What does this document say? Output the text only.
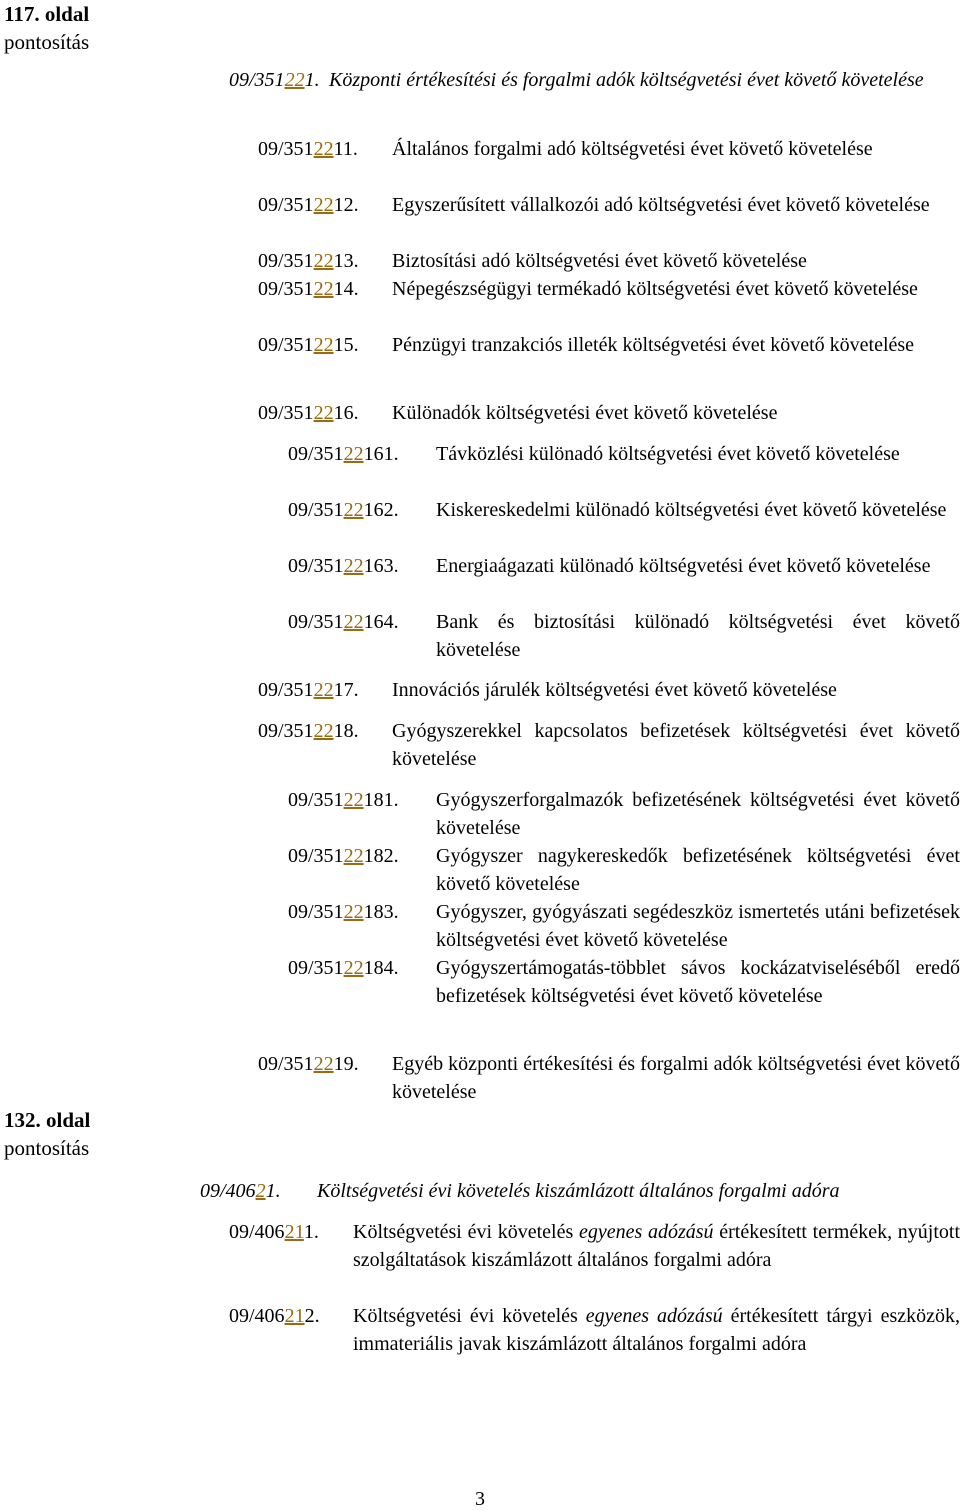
117. oldal
pontosítás
132. oldal
pontosítás
09/351221. Központi értékesítési és forgalmi adók költségvetési évet követő követelése
09/3512211. Általános forgalmi adó költségvetési évet követő követelése
09/3512212. Egyszerűsített vállalkozói adó költségvetési évet követő követelése
09/3512213. Biztosítási adó költségvetési évet követő követelése
09/3512214. Népegészségügyi termékadó költségvetési évet követő követelése
09/3512215. Pénzügyi tranzakciós illeték költségvetési évet követő követelése
09/3512216. Különadók költségvetési évet követő követelése
09/35122161. Távközlési különadó költségvetési évet követő követelése
09/35122162. Kiskereskedelmi különadó költségvetési évet követő követelése
09/35122163. Energiaágazati különadó költségvetési évet követő követelése
09/35122164. Bank és biztosítási különadó költségvetési évet követő követelése
09/3512217. Innovációs járulék költségvetési évet követő követelése
09/3512218. Gyógyszerekkel kapcsolatos befizetések költségvetési évet követő követelése
09/35122181. Gyógyszerforgalmazók befizetésének költségvetési évet követő követelése
09/35122182. Gyógyszer nagykereskedők befizetésének költségvetési évet követő követelése
09/35122183. Gyógyszer, gyógyászati segédeszköz ismertetés utáni befizetések költségvetési évet követő követelése
09/35122184. Gyógyszertámogatás-többlet sávos kockázatviseléséből eredő befizetések költségvetési évet követő követelése
09/3512219. Egyéb központi értékesítési és forgalmi adók költségvetési évet követő követelése
09/40621. Költségvetési évi követelés kiszámlázott általános forgalmi adóra
09/406211. Költségvetési évi követelés egyenes adózású értékesített termékek, nyújtott szolgáltatások kiszámlázott általános forgalmi adóra
09/406212. Költségvetési évi követelés egyenes adózású értékesített tárgyi eszközök, immateriális javak kiszámlázott általános forgalmi adóra
3
